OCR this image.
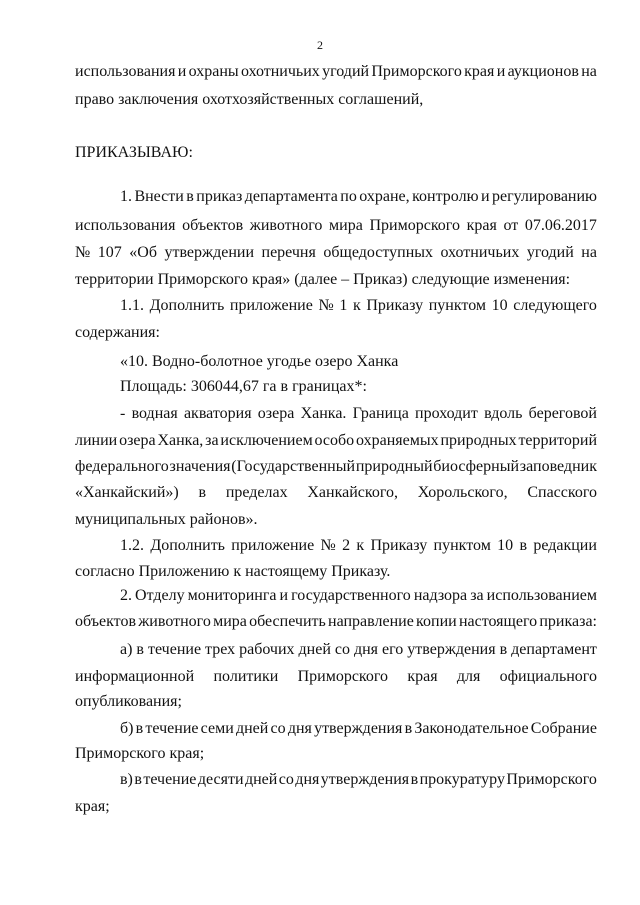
2
использования и охраны охотничьих угодий Приморского края и аукционов на
право заключения охотхозяйственных соглашений,
ПРИКАЗЫВАЮ:
1. Внести в приказ департамента по охране, контролю и регулированию
использования объектов животного мира Приморского края от 07.06.2017
№ 107 «Об утверждении перечня общедоступных охотничьих угодий на
территории Приморского края» (далее – Приказ) следующие изменения:
1.1. Дополнить приложение № 1 к Приказу пунктом 10 следующего
содержания:
«10. Водно-болотное угодье озеро Ханка
Площадь: 306044,67 га в границах*:
- водная акватория озера Ханка. Граница проходит вдоль береговой
линии озера Ханка, за исключением особо охраняемых природных территорий
федерального значения (Государственный природный биосферный заповедник
«Ханкайский») в пределах Ханкайского, Хорольского, Спасского
муниципальных районов».
1.2. Дополнить приложение № 2 к Приказу пунктом 10 в редакции
согласно Приложению к настоящему Приказу.
2. Отделу мониторинга и государственного надзора за использованием
объектов животного мира обеспечить направление копии настоящего приказа:
а) в течение трех рабочих дней со дня его утверждения в департамент
информационной политики Приморского края для официального
опубликования;
б) в течение семи дней со дня утверждения в Законодательное Собрание
Приморского края;
в) в течение десяти дней со дня утверждения в прокуратуру Приморского
края;
